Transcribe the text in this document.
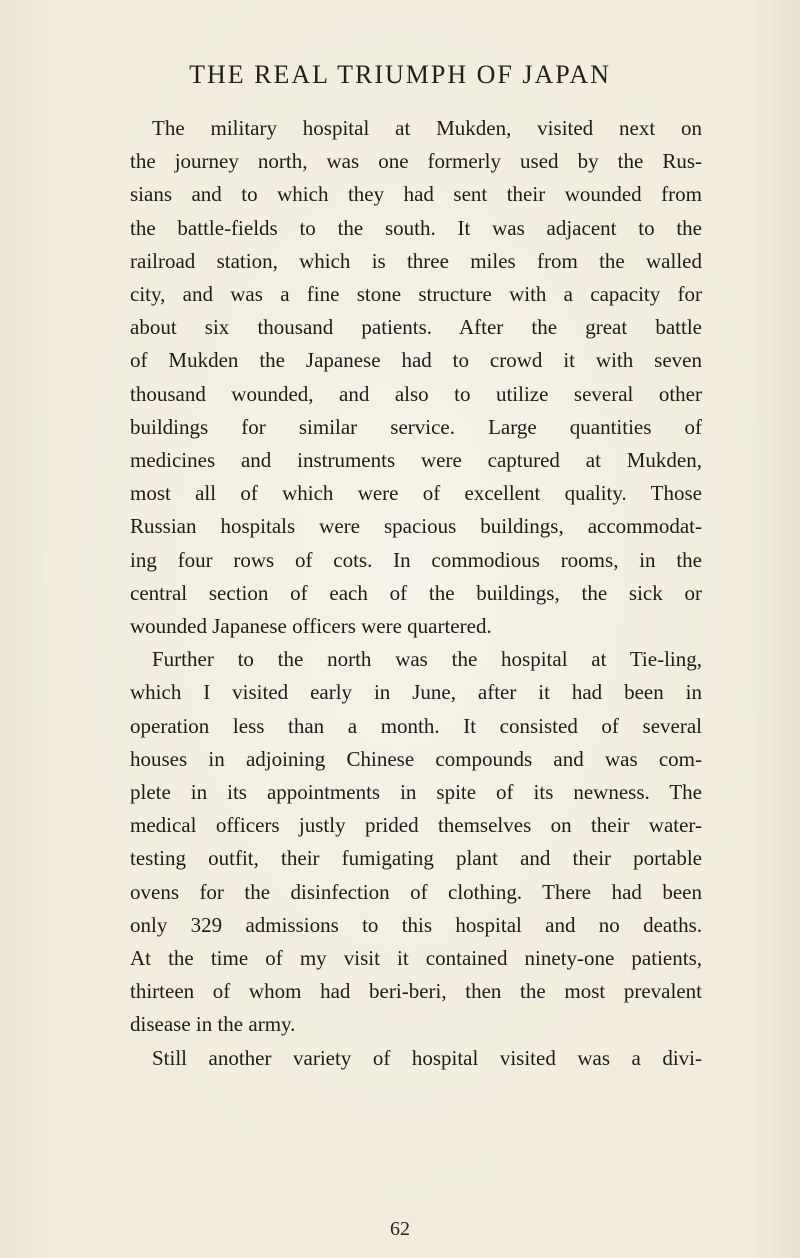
THE REAL TRIUMPH OF JAPAN
The military hospital at Mukden, visited next on
the journey north, was one formerly used by the Rus-
sians and to which they had sent their wounded from
the battle-fields to the south. It was adjacent to the
railroad station, which is three miles from the walled
city, and was a fine stone structure with a capacity for
about six thousand patients. After the great battle
of Mukden the Japanese had to crowd it with seven
thousand wounded, and also to utilize several other
buildings for similar service. Large quantities of
medicines and instruments were captured at Mukden,
most all of which were of excellent quality. Those
Russian hospitals were spacious buildings, accommodat-
ing four rows of cots. In commodious rooms, in the
central section of each of the buildings, the sick or
wounded Japanese officers were quartered.
Further to the north was the hospital at Tie-ling,
which I visited early in June, after it had been in
operation less than a month. It consisted of several
houses in adjoining Chinese compounds and was com-
plete in its appointments in spite of its newness. The
medical officers justly prided themselves on their water-
testing outfit, their fumigating plant and their portable
ovens for the disinfection of clothing. There had been
only 329 admissions to this hospital and no deaths.
At the time of my visit it contained ninety-one patients,
thirteen of whom had beri-beri, then the most prevalent
disease in the army.
Still another variety of hospital visited was a divi-
62
